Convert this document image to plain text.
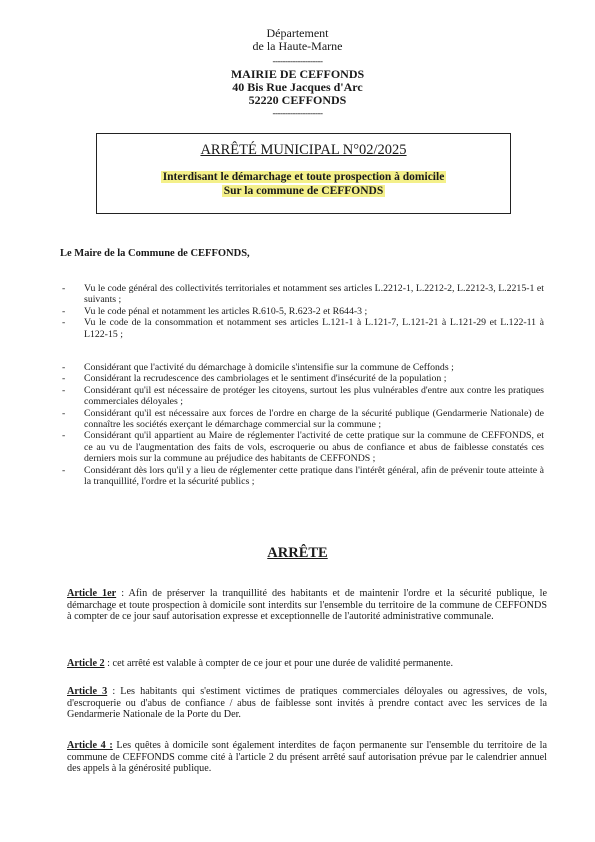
Département
de la Haute-Marne
--------------------
MAIRIE DE CEFFONDS
40 Bis Rue Jacques d'Arc
52220 CEFFONDS
--------------------
ARRÊTÉ MUNICIPAL N°02/2025
Interdisant le démarchage et toute prospection à domicile
Sur la commune de CEFFONDS
Le Maire de la Commune de CEFFONDS,
- Vu le code général des collectivités territoriales et notamment ses articles L.2212-1, L.2212-2, L.2212-3, L.2215-1 et suivants ;
- Vu le code pénal et notamment les articles R.610-5, R.623-2 et R644-3 ;
- Vu le code de la consommation et notamment ses articles L.121-1 à L.121-7, L.121-21 à L.121-29 et L.122-11 à L122-15 ;
- Considérant que l'activité du démarchage à domicile s'intensifie sur la commune de Ceffonds ;
- Considérant la recrudescence des cambriolages et le sentiment d'insécurité de la population ;
- Considérant qu'il est nécessaire de protéger les citoyens, surtout les plus vulnérables d'entre aux contre les pratiques commerciales déloyales ;
- Considérant qu'il est nécessaire aux forces de l'ordre en charge de la sécurité publique (Gendarmerie Nationale) de connaître les sociétés exerçant le démarchage commercial sur la commune ;
- Considérant qu'il appartient au Maire de réglementer l'activité de cette pratique sur la commune de CEFFONDS, et ce au vu de l'augmentation des faits de vols, escroquerie ou abus de confiance et abus de faiblesse constatés ces derniers mois sur la commune au préjudice des habitants de CEFFONDS ;
- Considérant dès lors qu'il y a lieu de réglementer cette pratique dans l'intérêt général, afin de prévenir toute atteinte à la tranquillité, l'ordre et la sécurité publics ;
ARRÊTE
Article 1er : Afin de préserver la tranquillité des habitants et de maintenir l'ordre et la sécurité publique, le démarchage et toute prospection à domicile sont interdits sur l'ensemble du territoire de la commune de CEFFONDS à compter de ce jour sauf autorisation expresse et exceptionnelle de l'autorité administrative communale.
Article 2 : cet arrêté est valable à compter de ce jour et pour une durée de validité permanente.
Article 3 : Les habitants qui s'estiment victimes de pratiques commerciales déloyales ou agressives, de vols, d'escroquerie ou d'abus de confiance / abus de faiblesse sont invités à prendre contact avec les services de la Gendarmerie Nationale de la Porte du Der.
Article 4 : Les quêtes à domicile sont également interdites de façon permanente sur l'ensemble du territoire de la commune de CEFFONDS comme cité à l'article 2 du présent arrêté sauf autorisation prévue par le calendrier annuel des appels à la générosité publique.
